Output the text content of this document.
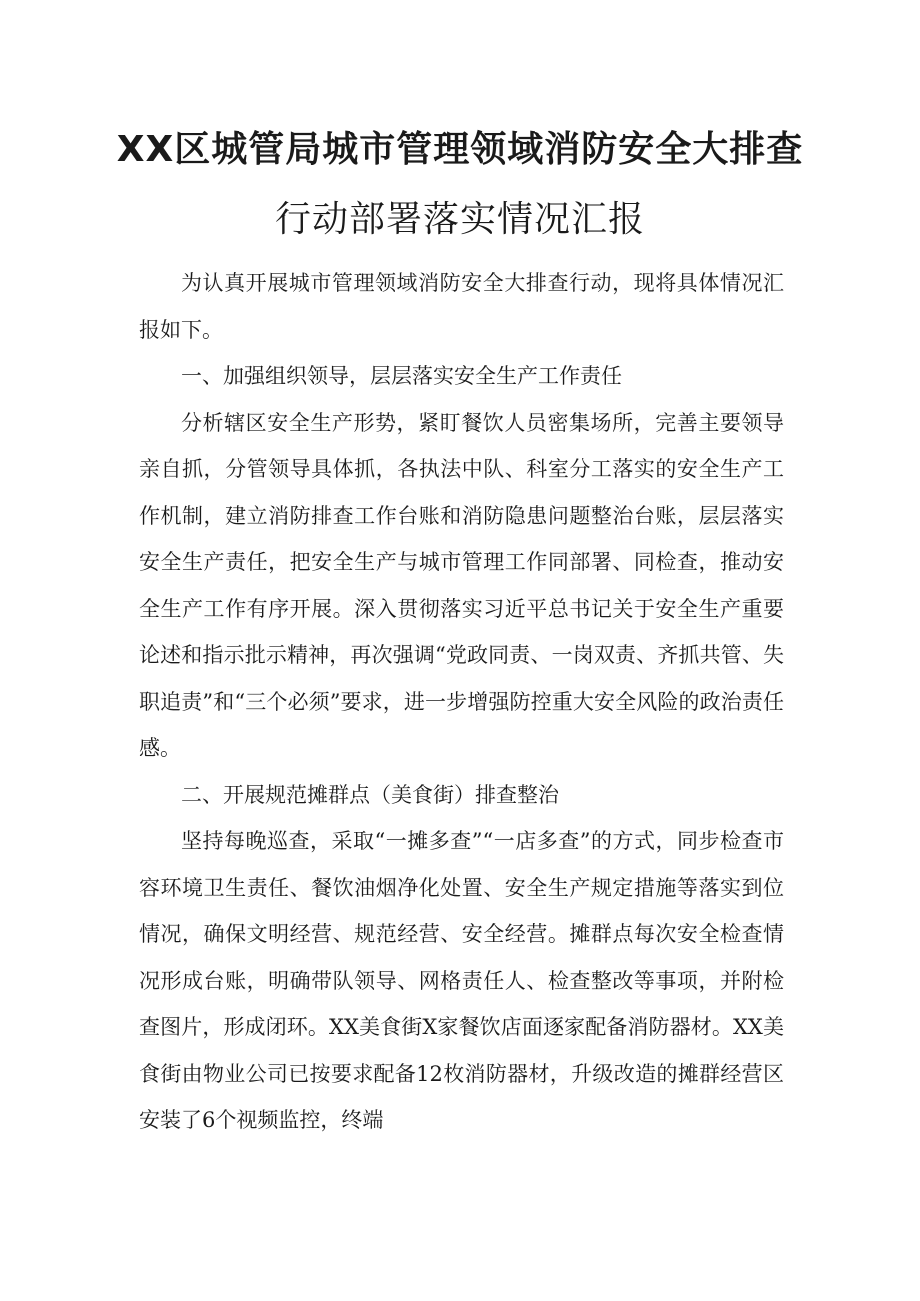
XX区城管局城市管理领域消防安全大排查
行动部署落实情况汇报

为认真开展城市管理领域消防安全大排查行动，现将具体情况汇报如下。

一、加强组织领导，层层落实安全生产工作责任

分析辖区安全生产形势，紧盯餐饮人员密集场所，完善主要领导亲自抓，分管领导具体抓，各执法中队、科室分工落实的安全生产工作机制，建立消防排查工作台账和消防隐患问题整治台账，层层落实安全生产责任，把安全生产与城市管理工作同部署、同检查，推动安全生产工作有序开展。深入贯彻落实习近平总书记关于安全生产重要论述和指示批示精神，再次强调“党政同责、一岗双责、齐抓共管、失职追责”和“三个必须”要求，进一步增强防控重大安全风险的政治责任感。

二、开展规范摊群点（美食街）排查整治

坚持每晚巡查，采取“一摊多查”“一店多查”的方式，同步检查市容环境卫生责任、餐饮油烟净化处置、安全生产规定措施等落实到位情况，确保文明经营、规范经营、安全经营。摊群点每次安全检查情况形成台账，明确带队领导、网格责任人、检查整改等事项，并附检查图片，形成闭环。XX美食街X家餐饮店面逐家配备消防器材。XX美食街由物业公司已按要求配备12枚消防器材，升级改造的摊群经营区安装了6个视频监控，终端
